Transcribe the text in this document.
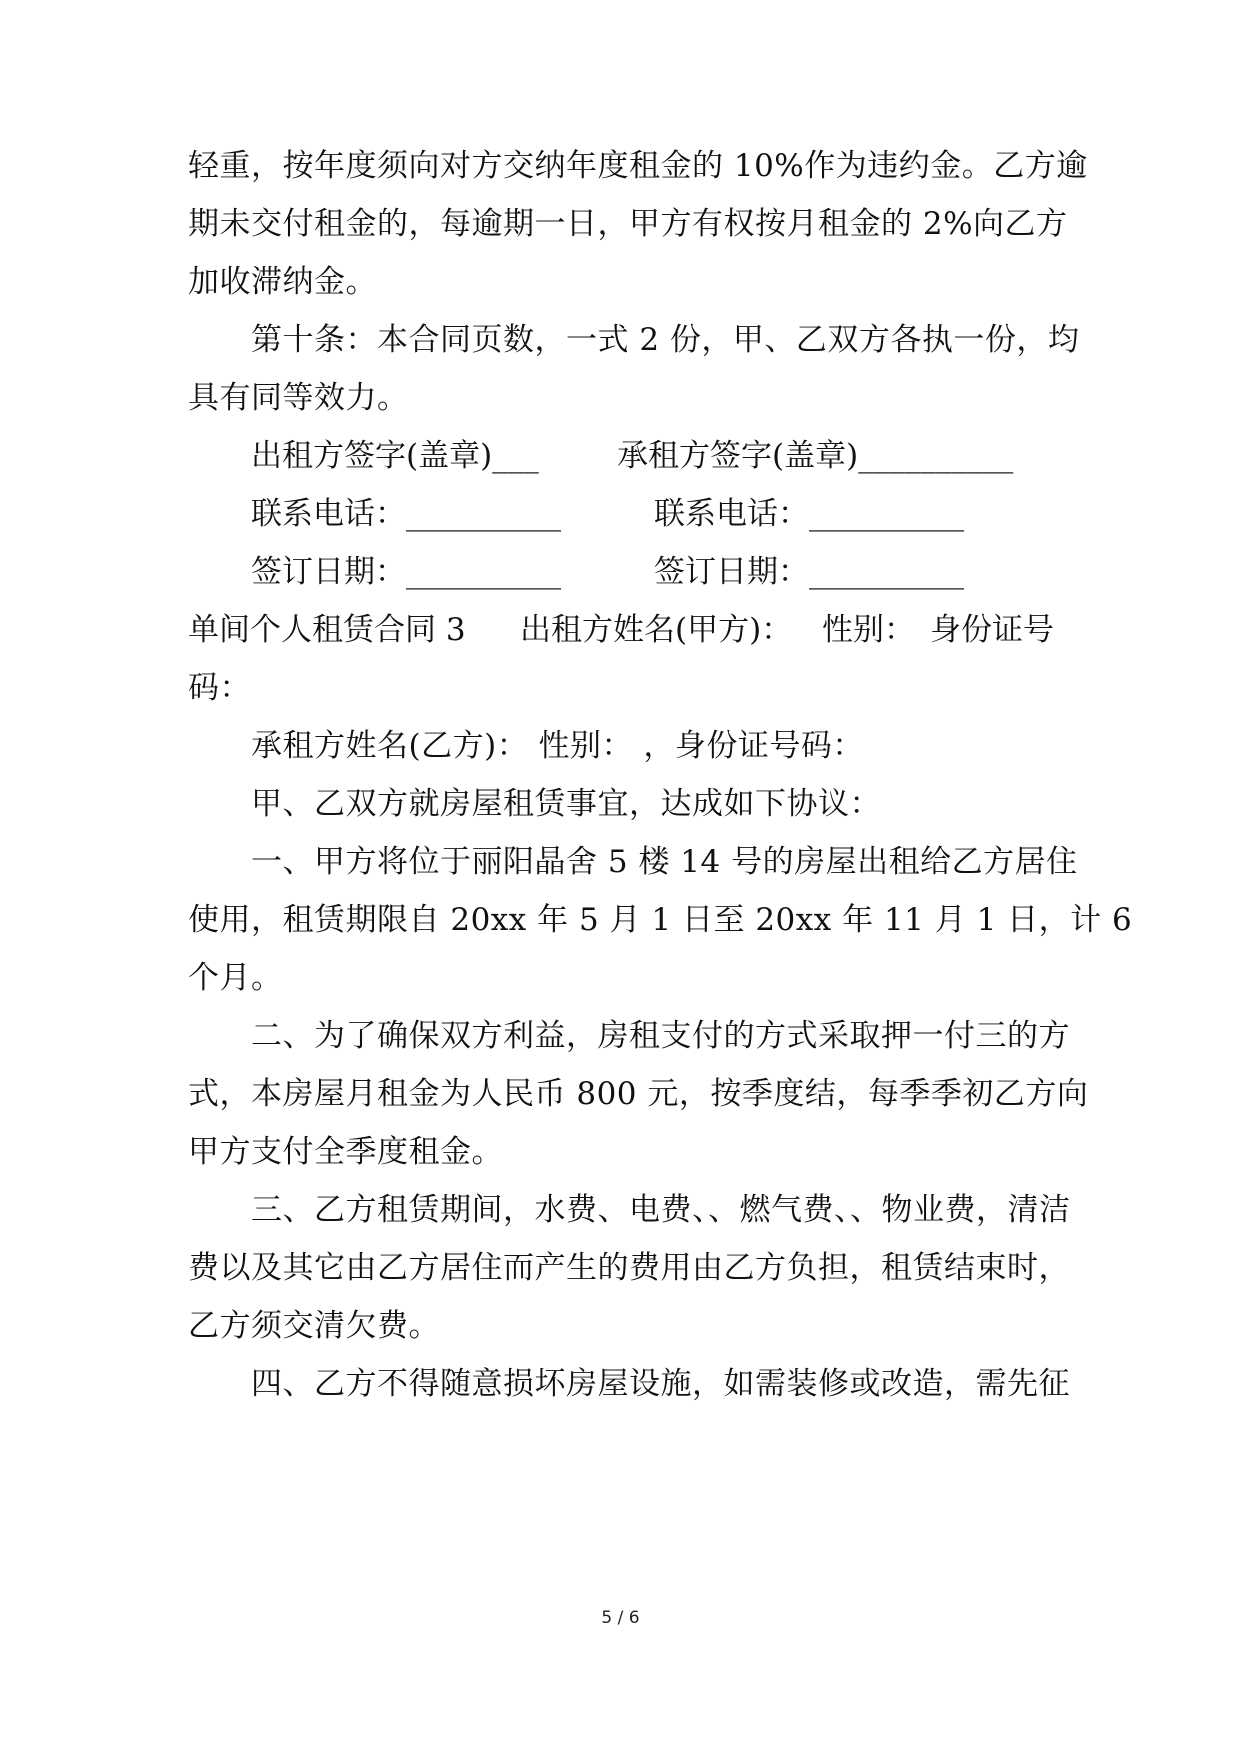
轻重，按年度须向对方交纳年度租金的 10%作为违约金。乙方逾
期未交付租金的，每逾期一日，甲方有权按月租金的 2%向乙方
加收滞纳金。
第十条：本合同页数，一式 2 份，甲、乙双方各执一份，均
具有同等效力。
出租方签字(盖章)___	承租方签字(盖章)__________
联系电话：__________	联系电话：__________
签订日期：__________	签订日期：__________
单间个人租赁合同 3 出租方姓名(甲方)： 性别： 身份证号
码：
承租方姓名(乙方)： 性别： ，身份证号码：
甲、乙双方就房屋租赁事宜，达成如下协议：
一、甲方将位于丽阳晶舍 5 楼 14 号的房屋出租给乙方居住
使用，租赁期限自 20xx 年 5 月 1 日至 20xx 年 11 月 1 日，计 6
个月。
二、为了确保双方利益，房租支付的方式采取押一付三的方
式，本房屋月租金为人民币 800 元，按季度结，每季季初乙方向
甲方支付全季度租金。
三、乙方租赁期间，水费、电费、、燃气费、、物业费，清洁
费以及其它由乙方居住而产生的费用由乙方负担，租赁结束时，
乙方须交清欠费。
四、乙方不得随意损坏房屋设施，如需装修或改造，需先征
5 / 6
